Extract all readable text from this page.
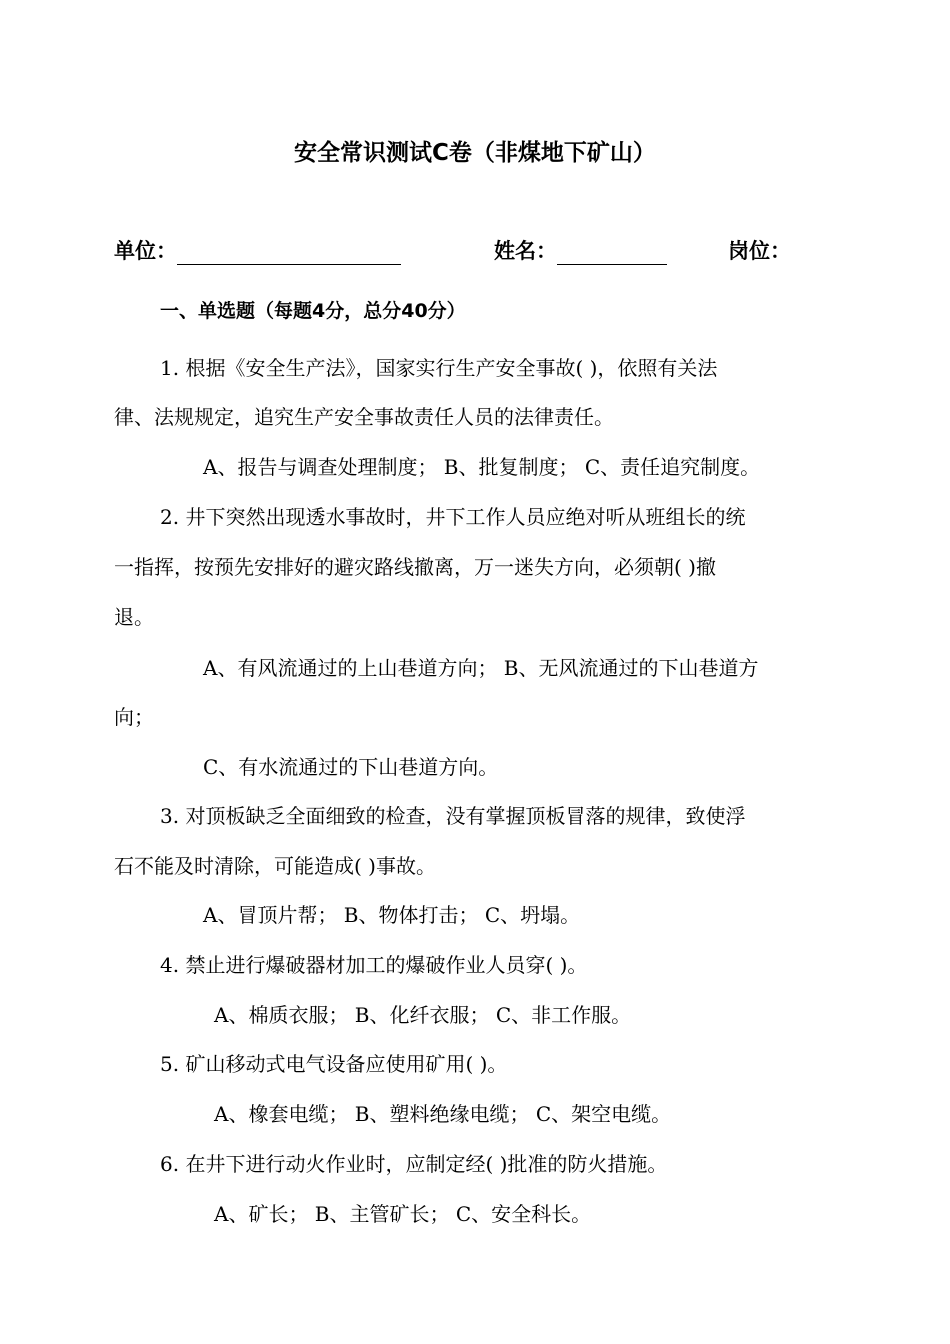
安全常识测试C卷（非煤地下矿山）
单位：	姓名：	岗位：
一、单选题（每题4分，总分40分）
1. 根据《安全生产法》，国家实行生产安全事故( )，依照有关法
律、法规规定，追究生产安全事故责任人员的法律责任。
A、报告与调查处理制度； B、批复制度； C、责任追究制度。
2. 井下突然出现透水事故时，井下工作人员应绝对听从班组长的统
一指挥，按预先安排好的避灾路线撤离，万一迷失方向，必须朝( )撤
退。
A、有风流通过的上山巷道方向； B、无风流通过的下山巷道方
向；
C、有水流通过的下山巷道方向。
3. 对顶板缺乏全面细致的检查，没有掌握顶板冒落的规律，致使浮
石不能及时清除，可能造成( )事故。
A、冒顶片帮； B、物体打击； C、坍塌。
4. 禁止进行爆破器材加工的爆破作业人员穿( )。
A、棉质衣服； B、化纤衣服； C、非工作服。
5. 矿山移动式电气设备应使用矿用( )。
A、橡套电缆； B、塑料绝缘电缆； C、架空电缆。
6. 在井下进行动火作业时，应制定经( )批准的防火措施。
A、矿长； B、主管矿长； C、安全科长。
